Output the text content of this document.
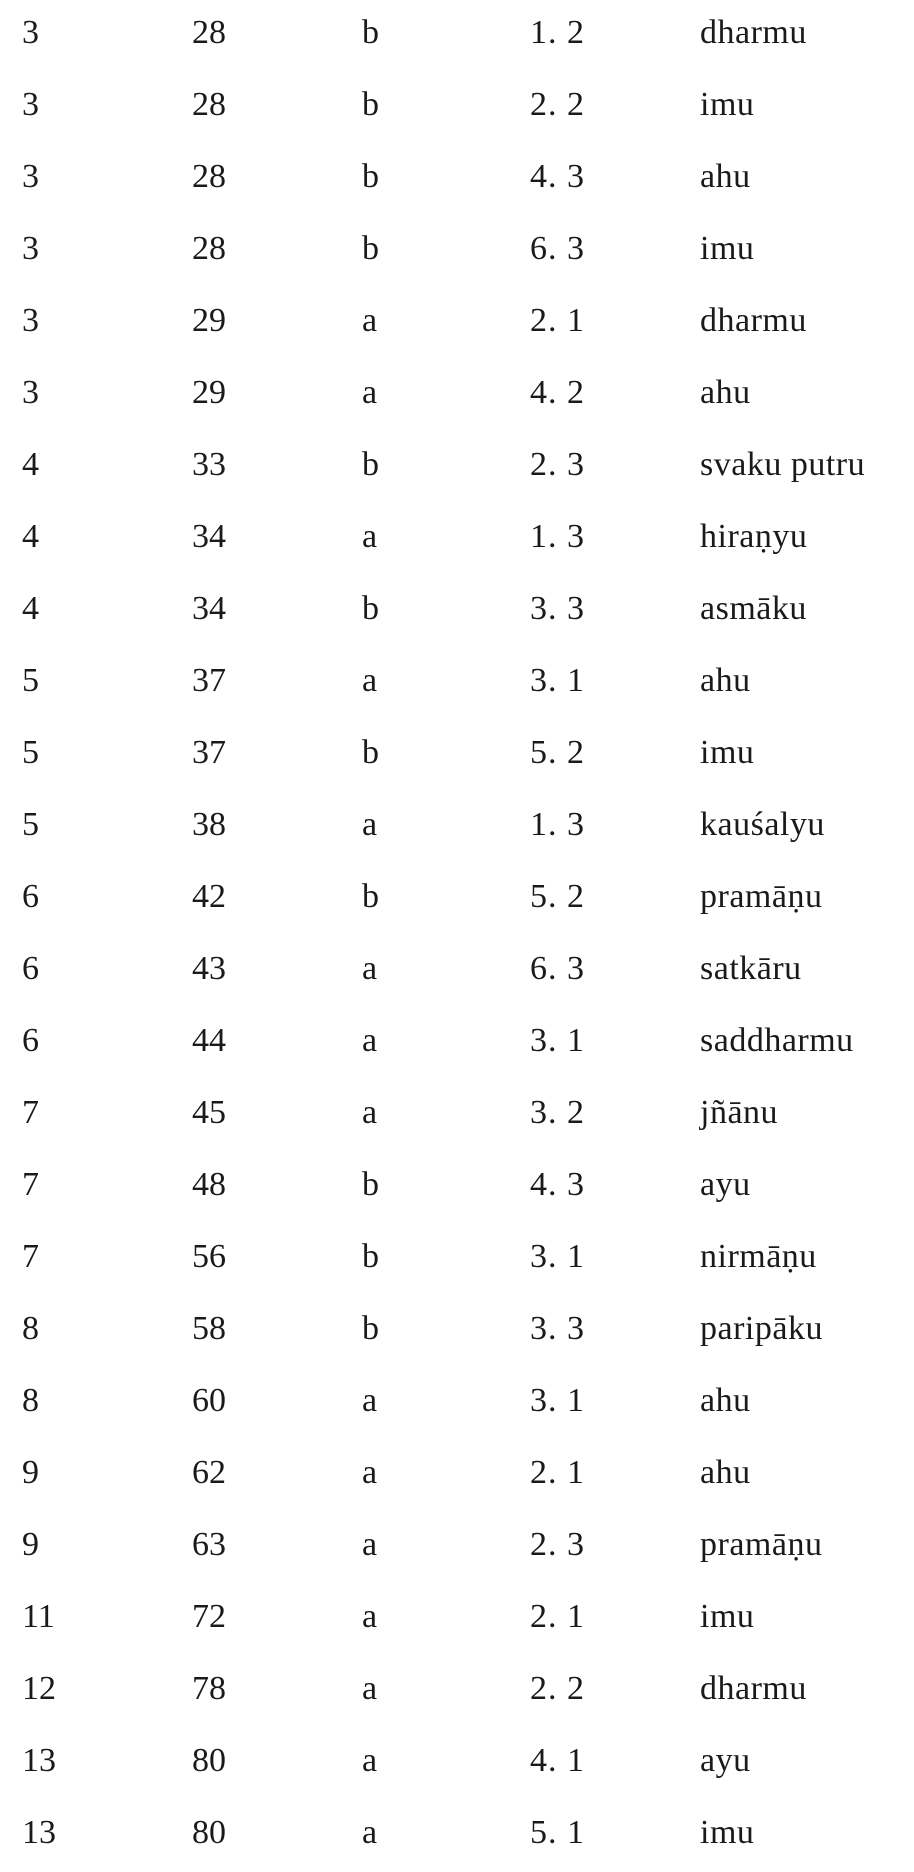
3	28	b	1. 2	dharmu
3	28	b	2. 2	imu
3	28	b	4. 3	ahu
3	28	b	6. 3	imu
3	29	a	2. 1	dharmu
3	29	a	4. 2	ahu
4	33	b	2. 3	svaku putru
4	34	a	1. 3	hiraṇyu
4	34	b	3. 3	asmāku
5	37	a	3. 1	ahu
5	37	b	5. 2	imu
5	38	a	1. 3	kauśalyu
6	42	b	5. 2	pramāṇu
6	43	a	6. 3	satkāru
6	44	a	3. 1	saddharmu
7	45	a	3. 2	jñānu
7	48	b	4. 3	ayu
7	56	b	3. 1	nirmāṇu
8	58	b	3. 3	paripāku
8	60	a	3. 1	ahu
9	62	a	2. 1	ahu
9	63	a	2. 3	pramāṇu
11	72	a	2. 1	imu
12	78	a	2. 2	dharmu
13	80	a	4. 1	ayu
13	80	a	5. 1	imu
